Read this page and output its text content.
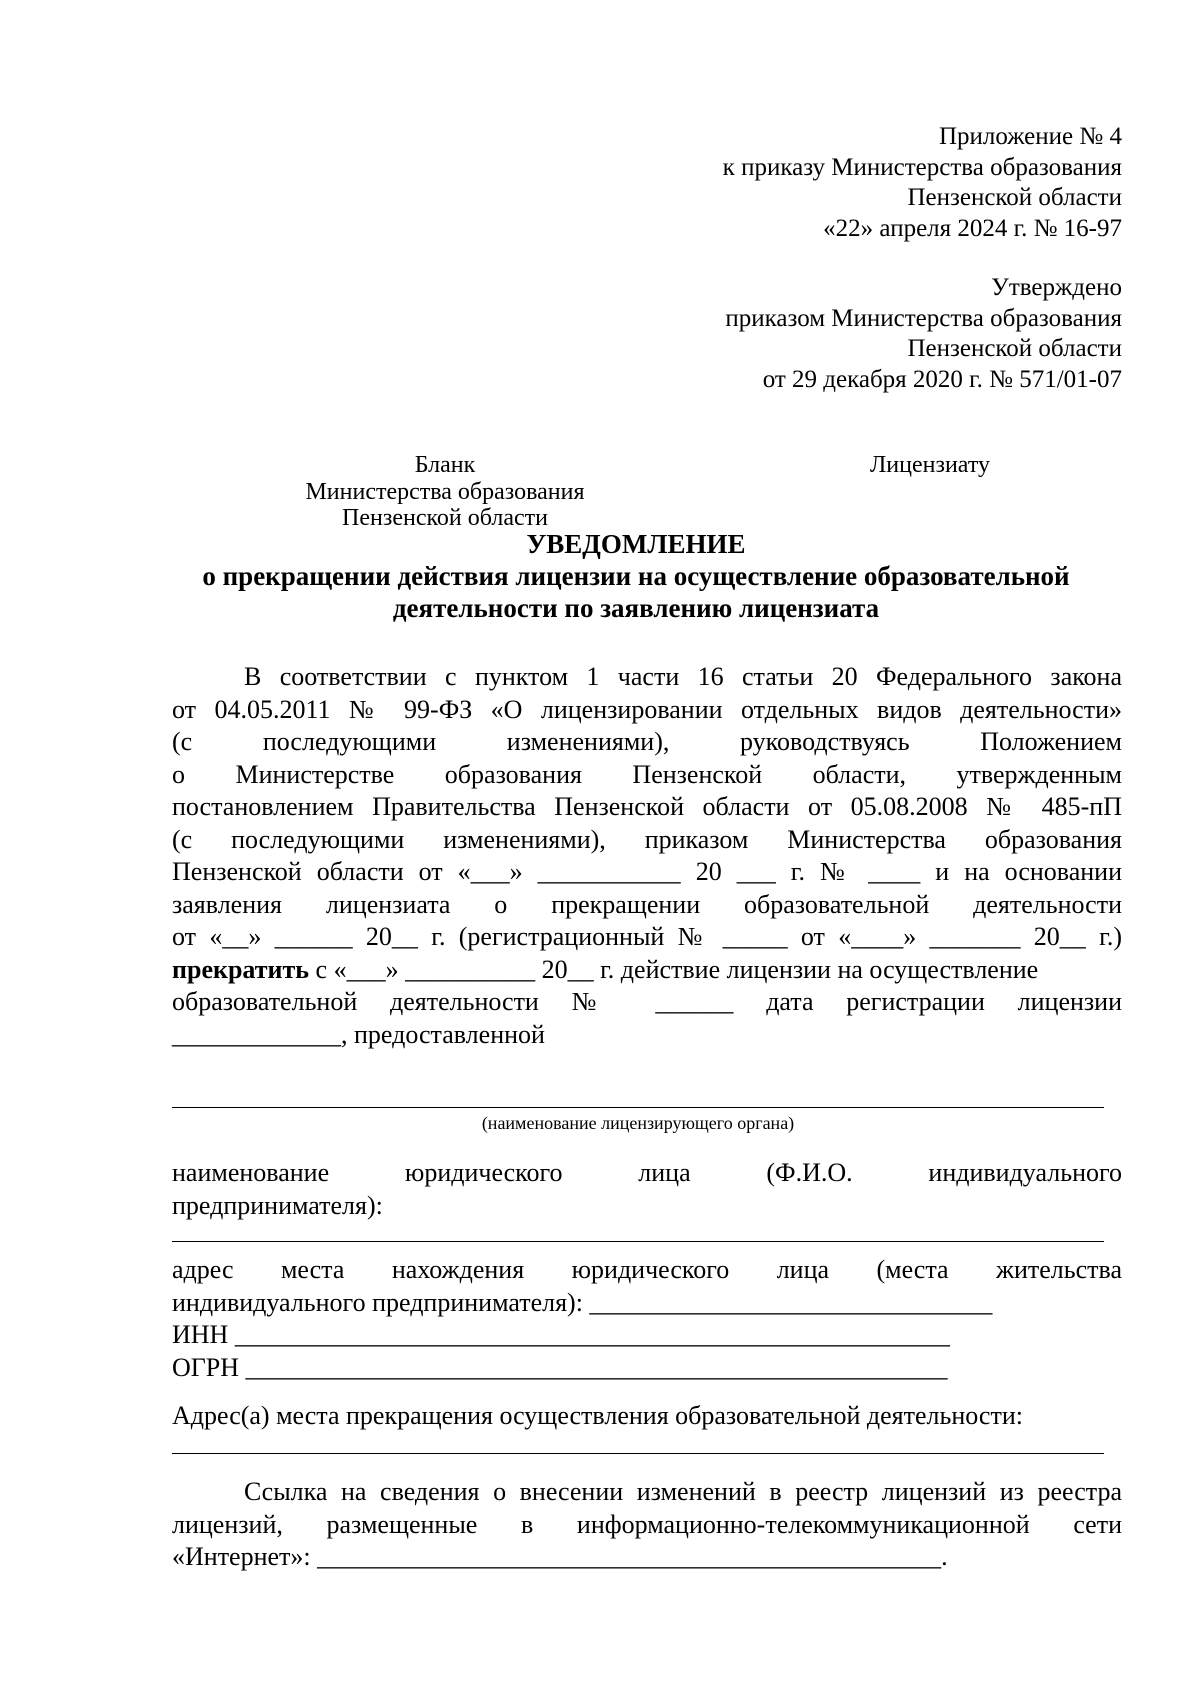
Приложение № 4
к приказу Министерства образования
Пензенской области
«22» апреля 2024 г. № 16-97
Утверждено
приказом Министерства образования
Пензенской области
от 29 декабря 2020 г. № 571/01-07
Бланк
Министерства образования
Пензенской области
Лицензиату
УВЕДОМЛЕНИЕ
о прекращении действия лицензии на осуществление образовательной
деятельности по заявлению лицензиата
В соответствии с пунктом 1 части 16 статьи 20 Федерального закона
от 04.05.2011 № 99-ФЗ «О лицензировании отдельных видов деятельности»
(с последующими изменениями), руководствуясь Положением
о Министерстве образования Пензенской области, утвержденным
постановлением Правительства Пензенской области от 05.08.2008 № 485-пП
(с последующими изменениями), приказом Министерства образования
Пензенской области от «___» ___________ 20 ___ г. № ____ и на основании
заявления лицензиата о прекращении образовательной деятельности
от «__» ______ 20__ г. (регистрационный № _____ от «____» _______ 20__ г.)
прекратить с «___» __________ 20__ г. действие лицензии на осуществление
образовательной деятельности № ______ дата регистрации лицензии
_____________, предоставленной
(наименование лицензирующего органа)
наименование юридического лица (Ф.И.О. индивидуального
предпринимателя):
адрес места нахождения юридического лица (места жительства
индивидуального предпринимателя): _______________________________
ИНН _______________________________________________________
ОГРН ______________________________________________________
Адрес(а) места прекращения осуществления образовательной деятельности:
Ссылка на сведения о внесении изменений в реестр лицензий из реестра
лицензий, размещенные в информационно-телекоммуникационной сети
«Интернет»: ________________________________________________.
